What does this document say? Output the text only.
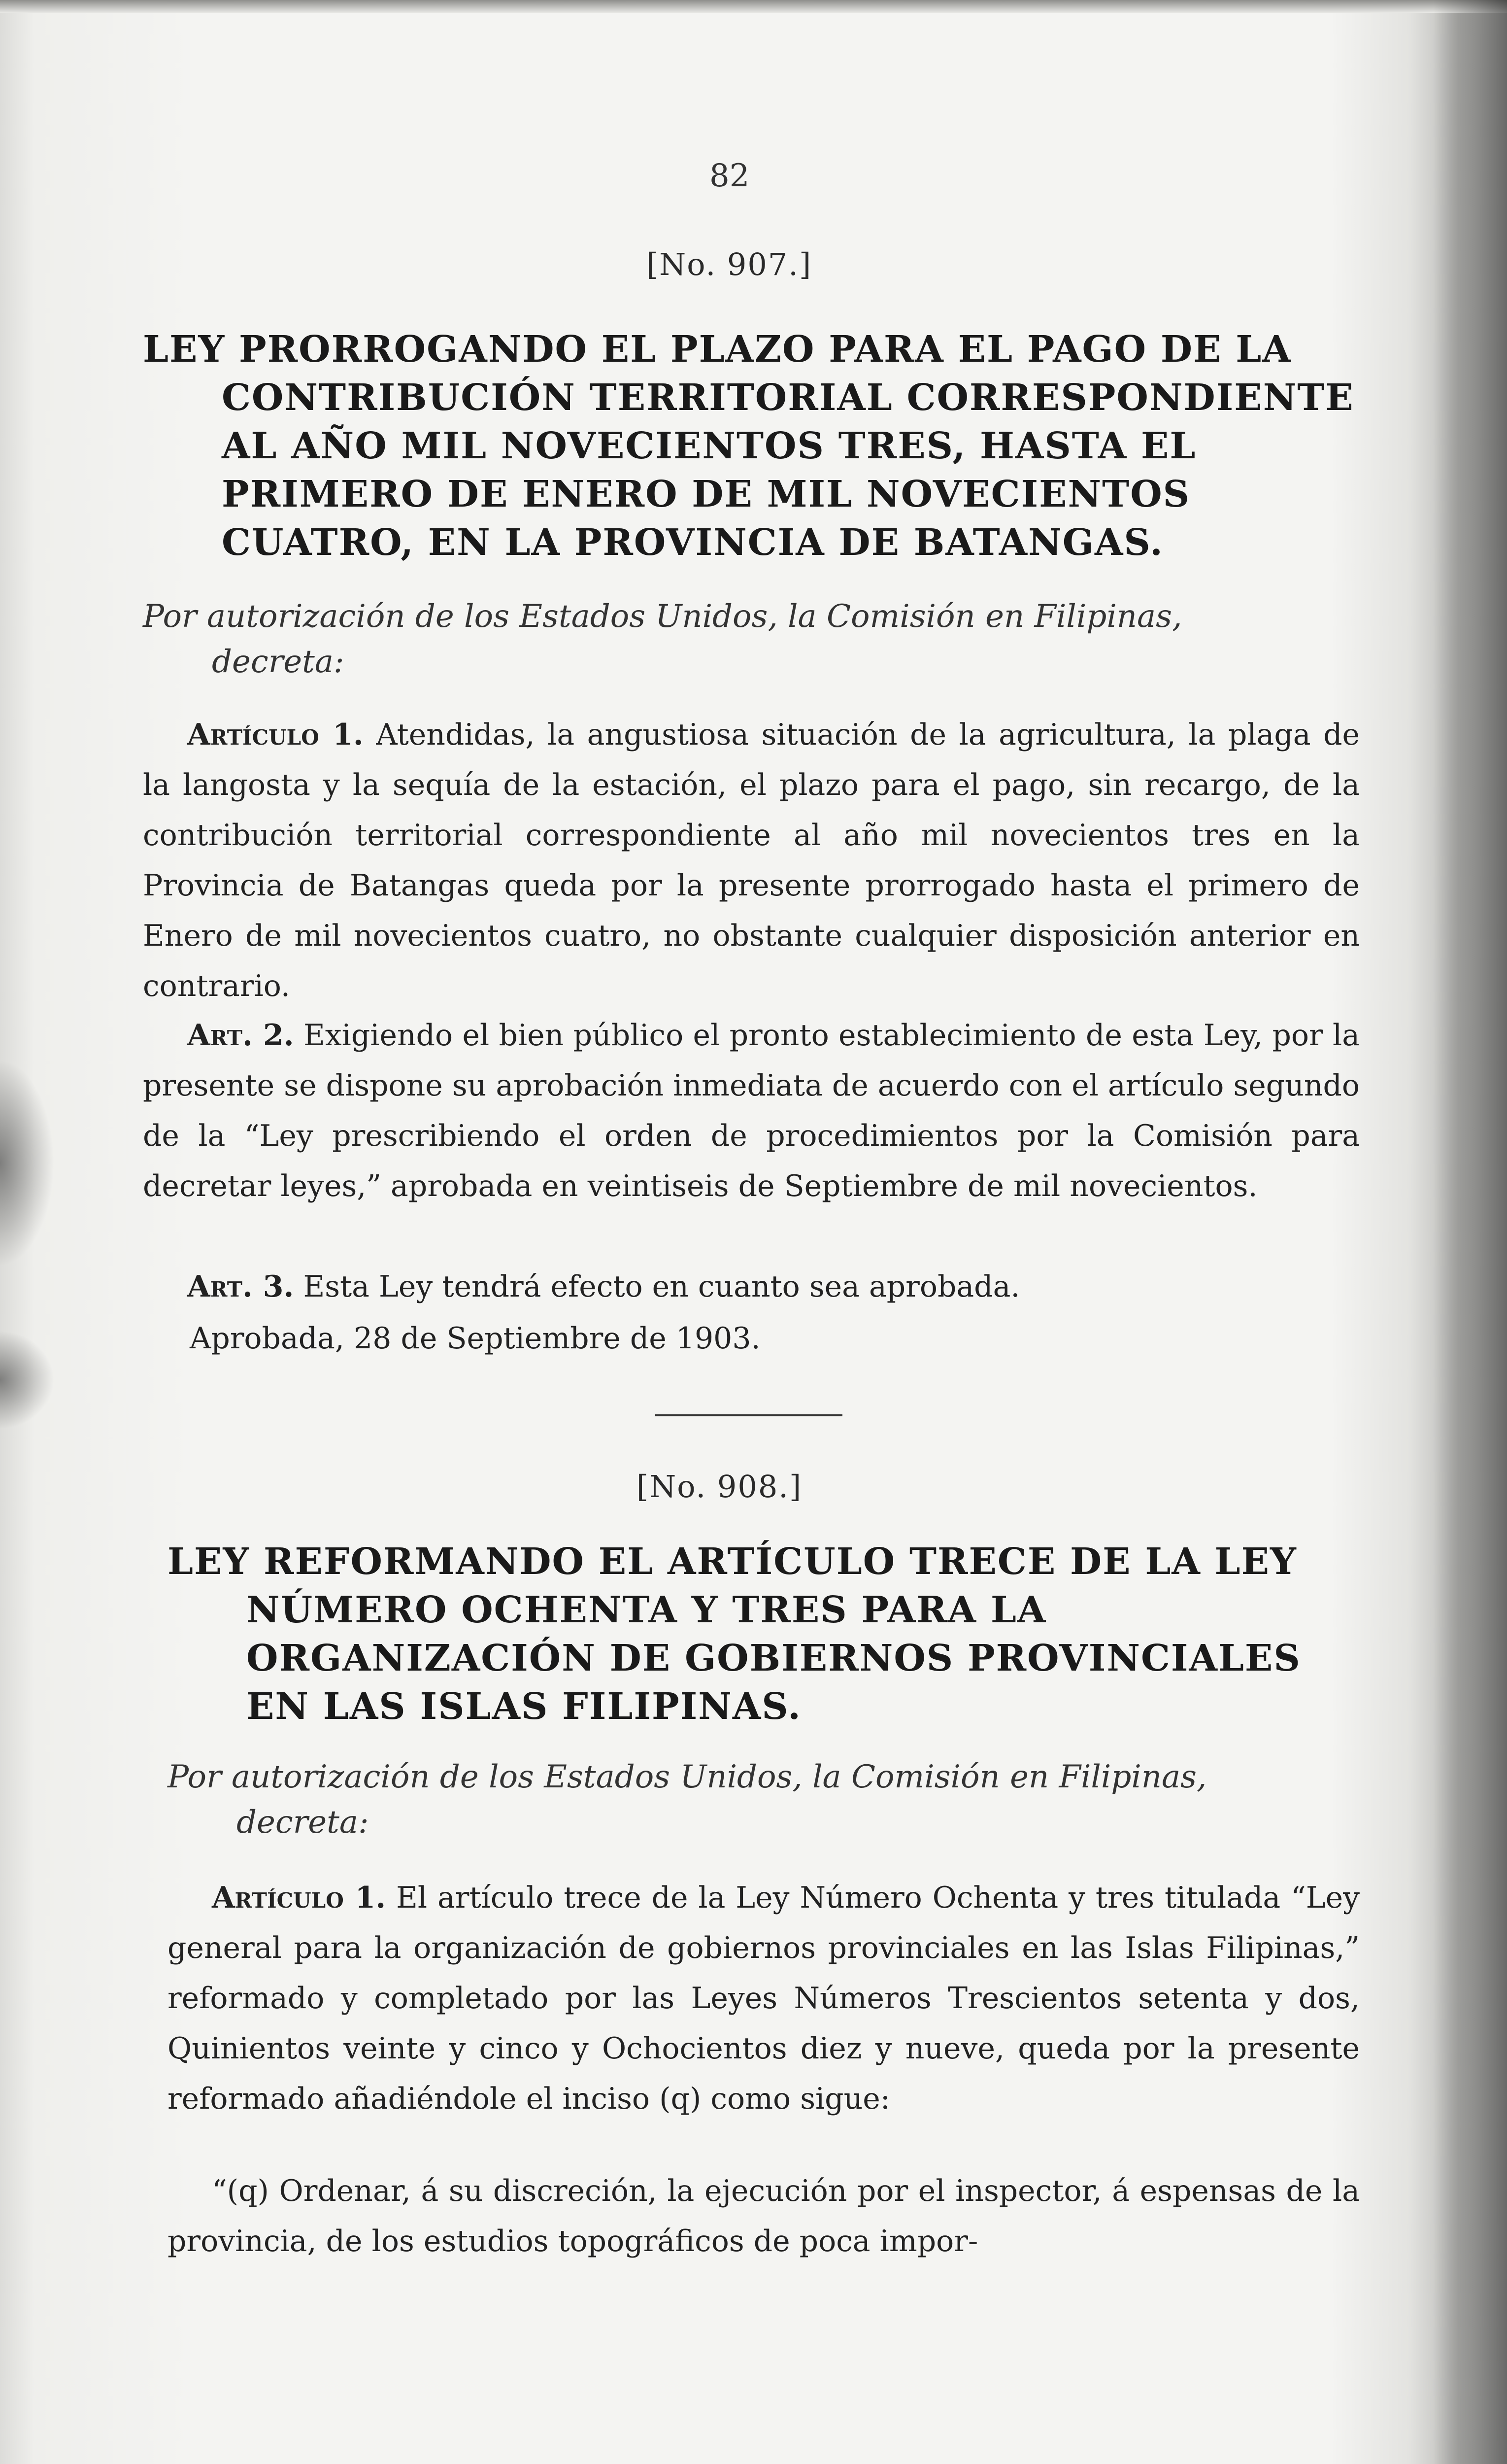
82
[No. 907.]
LEY PRORROGANDO EL PLAZO PARA EL PAGO DE LA
CONTRIBUCIÓN TERRITORIAL CORRESPONDIENTE AL AÑO MIL NOVECIENTOS TRES, HASTA EL PRIMERO DE ENERO DE MIL NOVECIENTOS CUATRO, EN LA PROVINCIA DE BATANGAS.
Por autorización de los Estados Unidos, la Comisión en Filipinas,
decreta:
Artículo 1. Atendidas, la angustiosa situación de la agricultura, la plaga de la langosta y la sequía de la estación, el plazo para el pago, sin recargo, de la contribución territorial correspondiente al año mil novecientos tres en la Provincia de Batangas queda por la presente prorrogado hasta el primero de Enero de mil novecientos cuatro, no obstante cualquier disposición anterior en contrario.
Art. 2. Exigiendo el bien público el pronto establecimiento de esta Ley, por la presente se dispone su aprobación inmediata de acuerdo con el artículo segundo de la “Ley prescribiendo el orden de procedimientos por la Comisión para decretar leyes,” aprobada en veintiseis de Septiembre de mil novecientos.
Art. 3. Esta Ley tendrá efecto en cuanto sea aprobada.
Aprobada, 28 de Septiembre de 1903.
[No. 908.]
LEY REFORMANDO EL ARTÍCULO TRECE DE LA LEY
NÚMERO OCHENTA Y TRES PARA LA ORGANIZACIÓN DE GOBIERNOS PROVINCIALES EN LAS ISLAS FILIPINAS.
Por autorización de los Estados Unidos, la Comisión en Filipinas,
decreta:
Artículo 1. El artículo trece de la Ley Número Ochenta y tres titulada “Ley general para la organización de gobiernos provinciales en las Islas Filipinas,” reformado y completado por las Leyes Números Trescientos setenta y dos, Quinientos veinte y cinco y Ochocientos diez y nueve, queda por la presente reformado añadiéndole el inciso (q) como sigue:
“(q) Ordenar, á su discreción, la ejecución por el inspector, á espensas de la provincia, de los estudios topográficos de poca impor-
